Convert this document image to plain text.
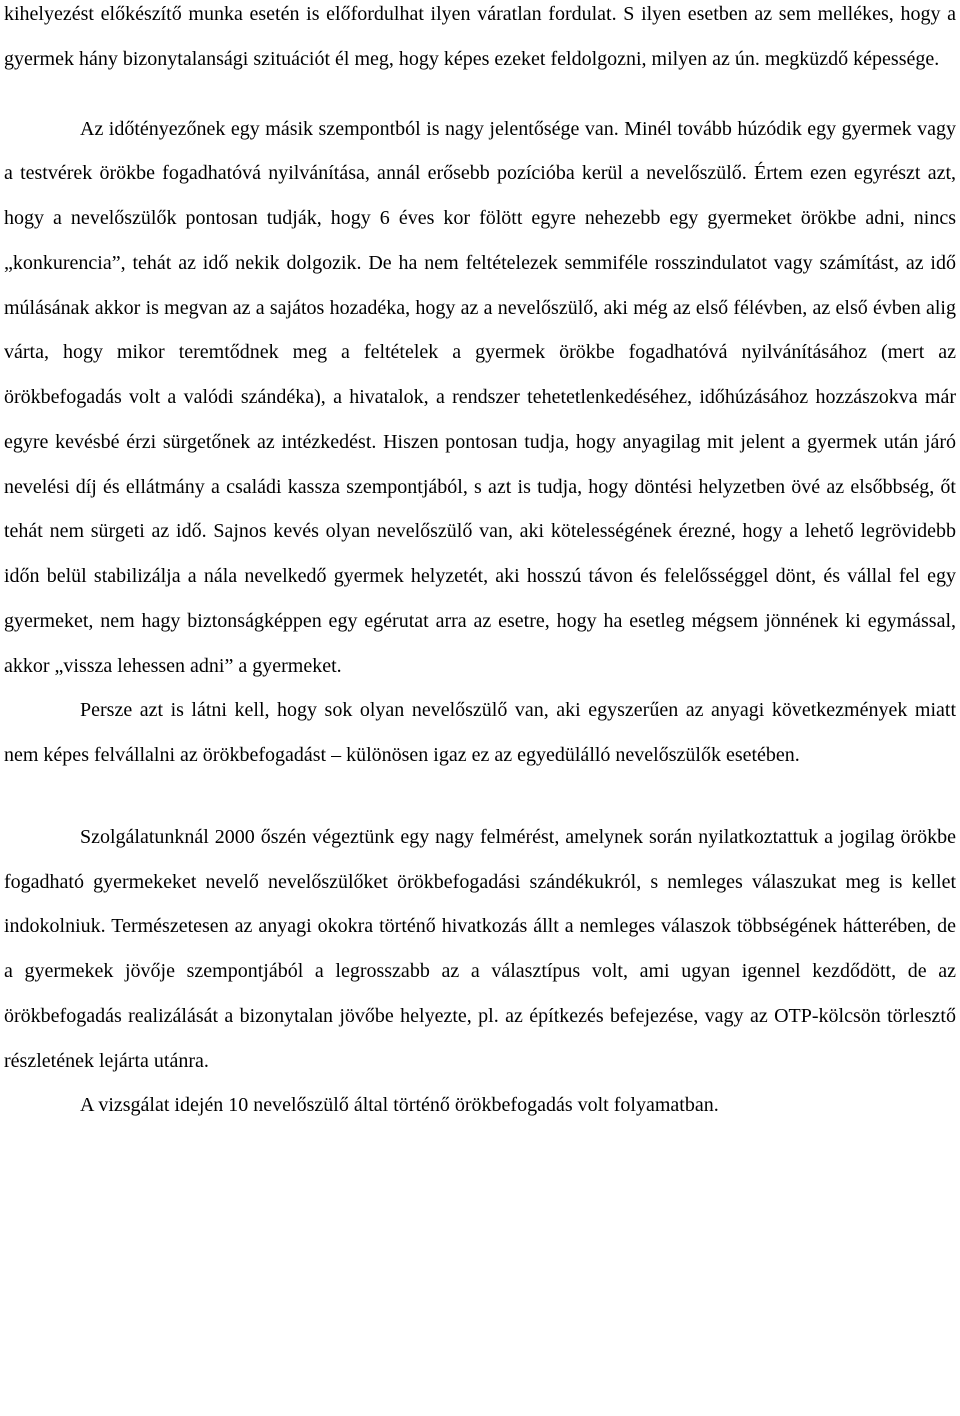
kihelyezést előkészítő munka esetén is előfordulhat ilyen váratlan fordulat. S ilyen esetben az sem mellékes, hogy a gyermek hány bizonytalansági szituációt él meg, hogy képes ezeket feldolgozni, milyen az ún. megküzdő képessége.

Az időtényezőnek egy másik szempontból is nagy jelentősége van. Minél tovább húzódik egy gyermek vagy a testvérek örökbe fogadhatóvá nyilvánítása, annál erősebb pozícióba kerül a nevelőszülő. Értem ezen egyrészt azt, hogy a nevelőszülők pontosan tudják, hogy 6 éves kor fölött egyre nehezebb egy gyermeket örökbe adni, nincs „konkurencia”, tehát az idő nekik dolgozik. De ha nem feltételezek semmiféle rosszindulatot vagy számítást, az idő múlásának akkor is megvan az a sajátos hozadéka, hogy az a nevelőszülő, aki még az első félévben, az első évben alig várta, hogy mikor teremtődnek meg a feltételek a gyermek örökbe fogadhatóvá nyilvánításához (mert az örökbefogadás volt a valódi szándéka), a hivatalok, a rendszer tehetetlenkedéséhez, időhúzásához hozzászokva már egyre kevésbé érzi sürgetőnek az intézkedést. Hiszen pontosan tudja, hogy anyagilag mit jelent a gyermek után járó nevelési díj és ellátmány a családi kassza szempontjából, s azt is tudja, hogy döntési helyzetben övé az elsőbbség, őt tehát nem sürgeti az idő. Sajnos kevés olyan nevelőszülő van, aki kötelességének érezné, hogy a lehető legrövidebb időn belül stabilizálja a nála nevelkedő gyermek helyzetét, aki hosszú távon és felelősséggel dönt, és vállal fel egy gyermeket, nem hagy biztonságképpen egy egérutat arra az esetre, hogy ha esetleg mégsem jönnének ki egymással, akkor „vissza lehessen adni” a gyermeket.

Persze azt is látni kell, hogy sok olyan nevelőszülő van, aki egyszerűen az anyagi következmények miatt nem képes felvállalni az örökbefogadást – különösen igaz ez az egyedülálló nevelőszülők esetében.

Szolgálatunknál 2000 őszén végeztünk egy nagy felmérést, amelynek során nyilatkoztattuk a jogilag örökbe fogadható gyermekeket nevelő nevelőszülőket örökbefogadási szándékukról, s nemleges válaszukat meg is kellet indokolniuk. Természetesen az anyagi okokra történő hivatkozás állt a nemleges válaszok többségének hátterében, de a gyermekek jövője szempontjából a legrosszabb az a választípus volt, ami ugyan igennel kezdődött, de az örökbefogadás realizálását a bizonytalan jövőbe helyezte, pl. az építkezés befejezése, vagy az OTP-kölcsön törlesztő részletének lejárta utánra.

A vizsgálat idején 10 nevelőszülő által történő örökbefogadás volt folyamatban.
